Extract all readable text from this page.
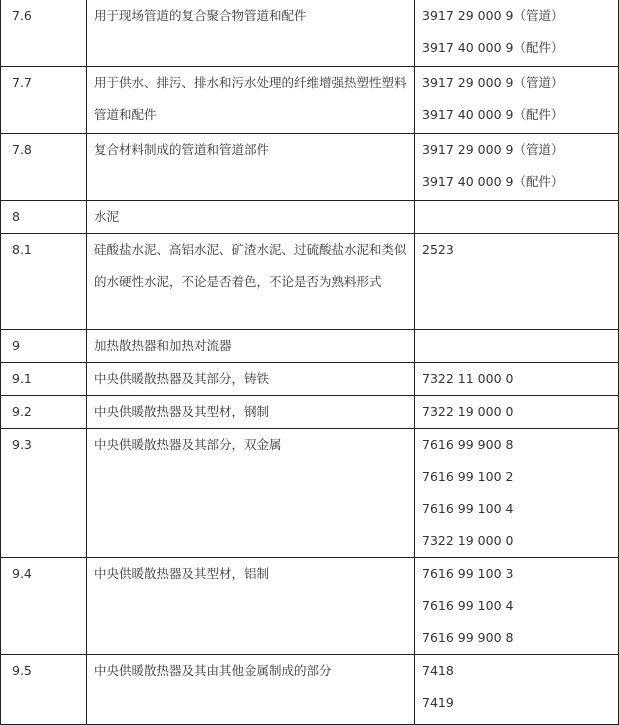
7.6	用于现场管道的复合聚合物管道和配件	3917 29 000 9（管道）
3917 40 000 9（配件）

7.7	用于供水、排污、排水和污水处理的纤维增强热塑性塑料管道和配件	3917 29 000 9（管道）
3917 40 000 9（配件）

7.8	复合材料制成的管道和管道部件	3917 29 000 9（管道）
3917 40 000 9（配件）

8	水泥	
8.1	硅酸盐水泥、高铝水泥、矿渣水泥、过硫酸盐水泥和类似的水硬性水泥，不论是否着色，不论是否为熟料形式	2523

9	加热散热器和加热对流器	
9.1	中央供暖散热器及其部分，铸铁	7322 11 000 0

9.2	中央供暖散热器及其型材，钢制	7322 19 000 0

9.3	中央供暖散热器及其部分，双金属	7616 99 900 8
7616 99 100 2
7616 99 100 4
7322 19 000 0

9.4	中央供暖散热器及其型材，铝制	7616 99 100 3
7616 99 100 4
7616 99 900 8

9.5	中央供暖散热器及其由其他金属制成的部分	7418
7419
